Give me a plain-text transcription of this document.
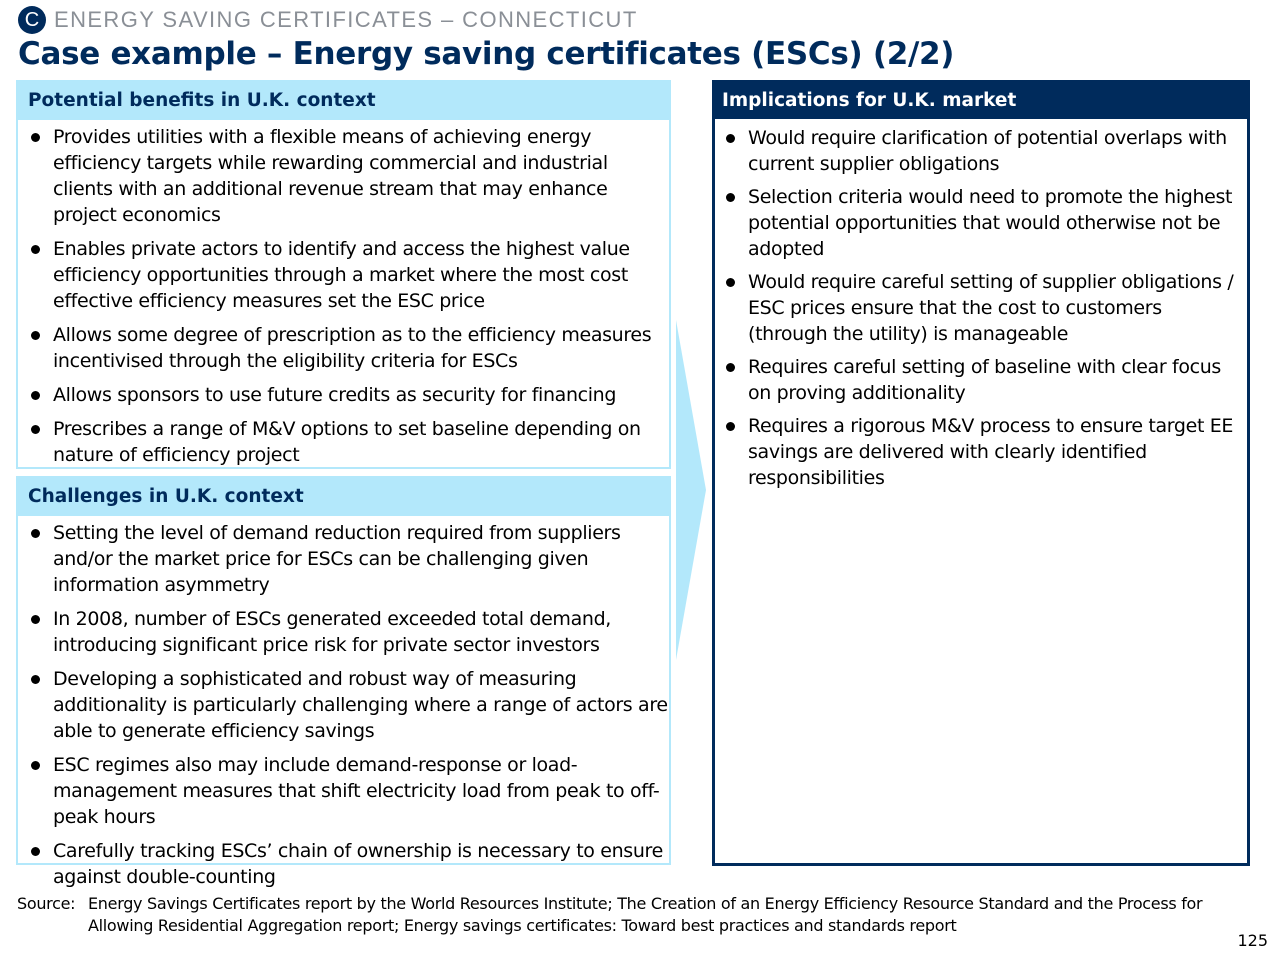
C ENERGY SAVING CERTIFICATES – CONNECTICUT
Case example – Energy saving certificates (ESCs) (2/2)
Potential benefits in U.K. context
Provides utilities with a flexible means of achieving energy efficiency targets while rewarding commercial and industrial clients with an additional revenue stream that may enhance project economics
Enables private actors to identify and access the highest value efficiency opportunities through a market where the most cost effective efficiency measures set the ESC price
Allows some degree of prescription as to the efficiency measures incentivised through the eligibility criteria for ESCs
Allows sponsors to use future credits as security for financing
Prescribes a range of M&V options to set baseline depending on nature of efficiency project
Challenges in U.K. context
Setting the level of demand reduction required from suppliers and/or the market price for ESCs can be challenging given information asymmetry
In 2008, number of ESCs generated exceeded total demand, introducing significant price risk for private sector investors
Developing a sophisticated and robust way of measuring additionality is particularly challenging where a range of actors are able to generate efficiency savings
ESC regimes also may include demand-response or load-management measures that shift electricity load from peak to off-peak hours
Carefully tracking ESCs’ chain of ownership is necessary to ensure against double-counting
Implications for U.K. market
Would require clarification of potential overlaps with current supplier obligations
Selection criteria would need to promote the highest potential opportunities that would otherwise not be adopted
Would require careful setting of supplier obligations / ESC prices ensure that the cost to customers (through the utility) is manageable
Requires careful setting of baseline with clear focus on proving additionality
Requires a rigorous M&V process to ensure target EE savings are delivered with clearly identified responsibilities
Source: Energy Savings Certificates report by the World Resources Institute; The Creation of an Energy Efficiency Resource Standard and the Process for Allowing Residential Aggregation report; Energy savings certificates: Toward best practices and standards report
125
